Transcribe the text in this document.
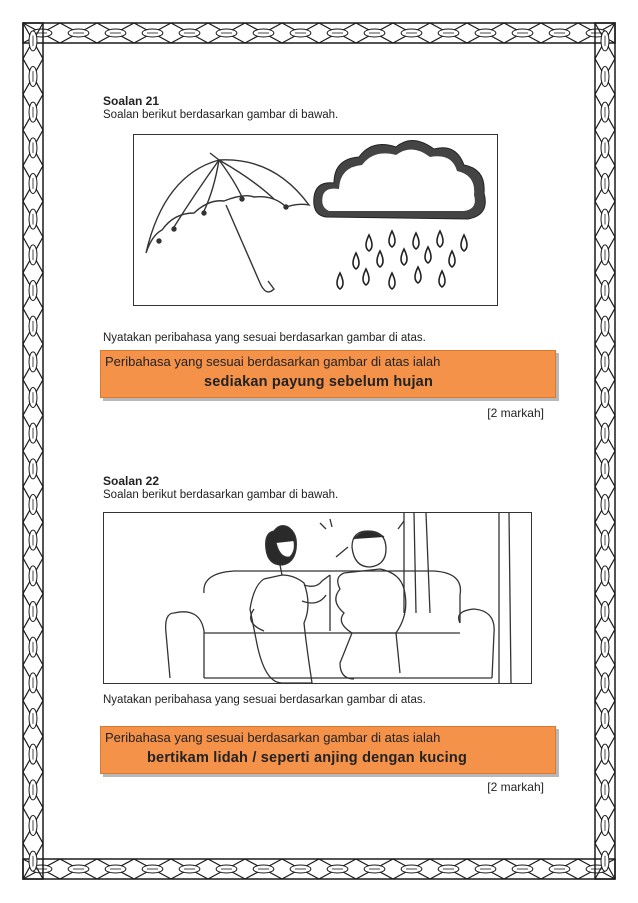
Soalan 21
Soalan berikut berdasarkan gambar di bawah.
Nyatakan peribahasa yang sesuai berdasarkan gambar di atas.
Peribahasa yang sesuai berdasarkan gambar di atas ialah
sediakan payung sebelum hujan
[2 markah]
Soalan 22
Soalan berikut berdasarkan gambar di bawah.
Nyatakan peribahasa yang sesuai berdasarkan gambar di atas.
Peribahasa yang sesuai berdasarkan gambar di atas ialah
bertikam lidah / seperti anjing dengan kucing
[2 markah]
